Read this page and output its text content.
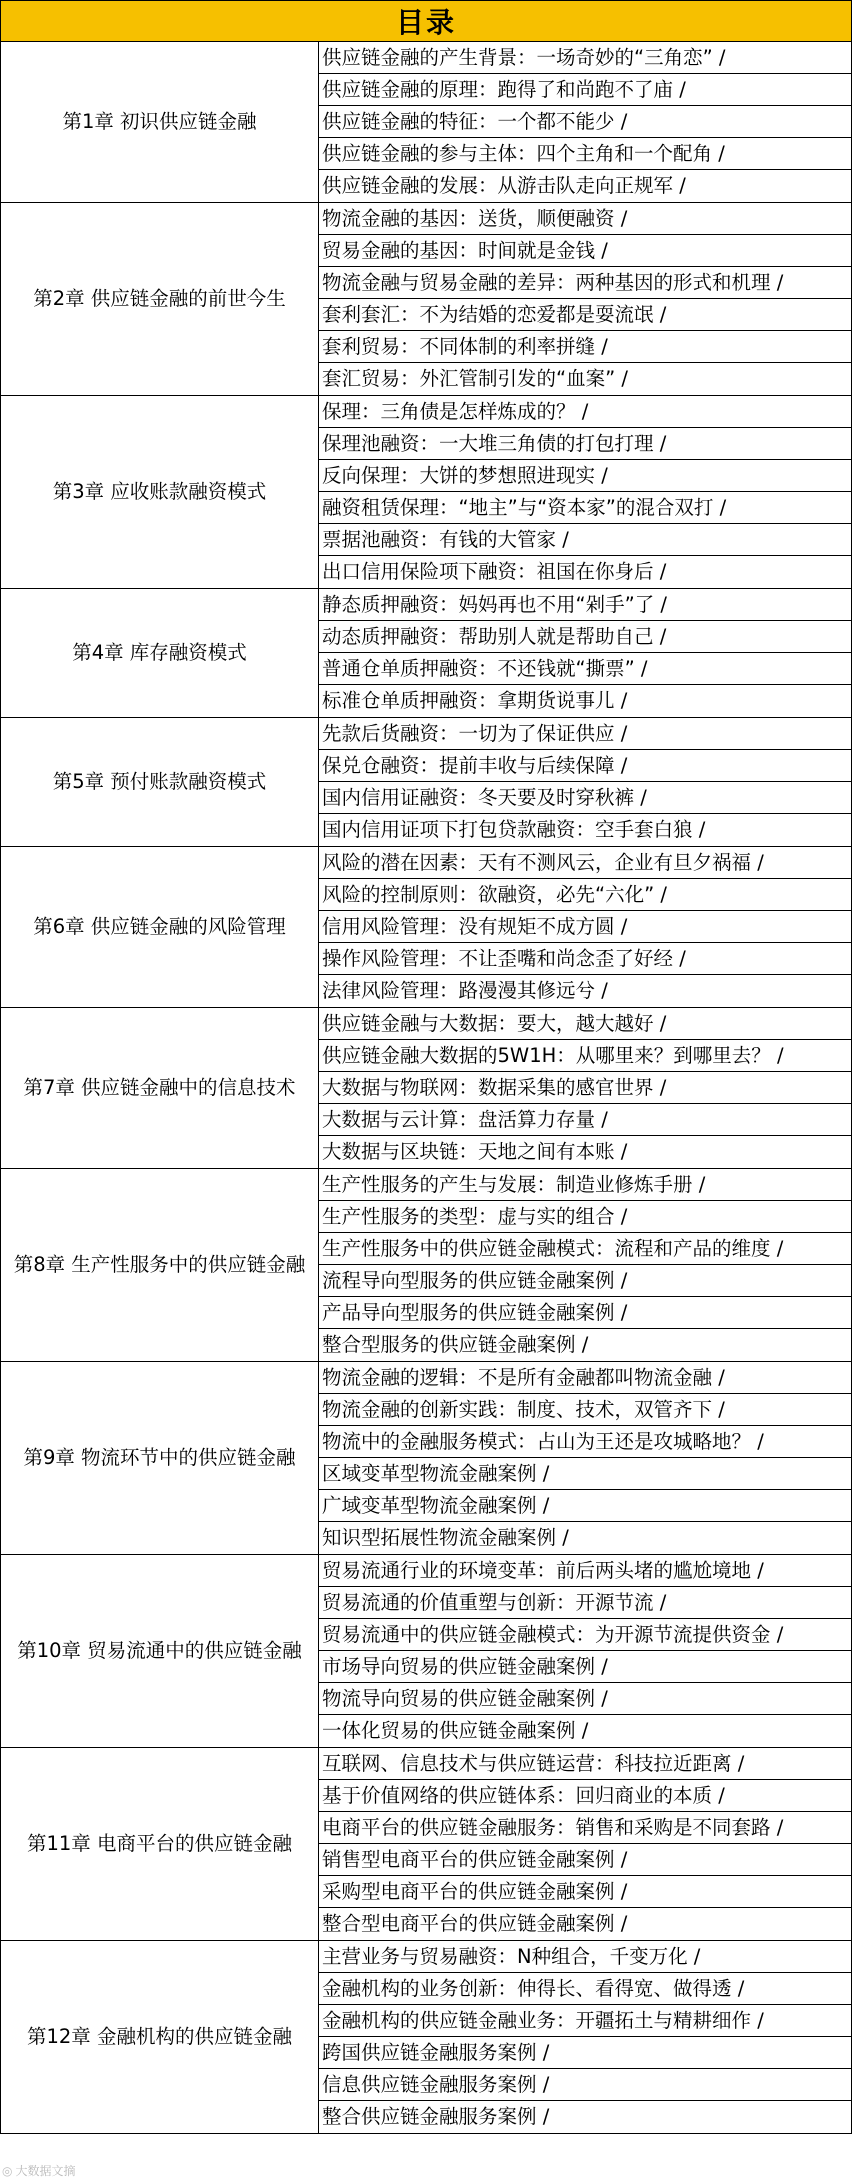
目录
第1章 初识供应链金融
供应链金融的产生背景：一场奇妙的“三角恋” /
供应链金融的原理：跑得了和尚跑不了庙 /
供应链金融的特征：一个都不能少 /
供应链金融的参与主体：四个主角和一个配角 /
供应链金融的发展：从游击队走向正规军 /
第2章 供应链金融的前世今生
物流金融的基因：送货，顺便融资 /
贸易金融的基因：时间就是金钱 /
物流金融与贸易金融的差异：两种基因的形式和机理 /
套利套汇：不为结婚的恋爱都是耍流氓 /
套利贸易：不同体制的利率拼缝 /
套汇贸易：外汇管制引发的“血案” /
第3章 应收账款融资模式
保理：三角债是怎样炼成的？ /
保理池融资：一大堆三角债的打包打理 /
反向保理：大饼的梦想照进现实 /
融资租赁保理：“地主”与“资本家”的混合双打 /
票据池融资：有钱的大管家 /
出口信用保险项下融资：祖国在你身后 /
第4章 库存融资模式
静态质押融资：妈妈再也不用“剁手”了 /
动态质押融资：帮助别人就是帮助自己 /
普通仓单质押融资：不还钱就“撕票” /
标准仓单质押融资：拿期货说事儿 /
第5章 预付账款融资模式
先款后货融资：一切为了保证供应 /
保兑仓融资：提前丰收与后续保障 /
国内信用证融资：冬天要及时穿秋裤 /
国内信用证项下打包贷款融资：空手套白狼 /
第6章 供应链金融的风险管理
风险的潜在因素：天有不测风云，企业有旦夕祸福 /
风险的控制原则：欲融资，必先“六化” /
信用风险管理：没有规矩不成方圆 /
操作风险管理：不让歪嘴和尚念歪了好经 /
法律风险管理：路漫漫其修远兮 /
第7章 供应链金融中的信息技术
供应链金融与大数据：要大，越大越好 /
供应链金融大数据的5W1H：从哪里来？到哪里去？ /
大数据与物联网：数据采集的感官世界 /
大数据与云计算：盘活算力存量 /
大数据与区块链：天地之间有本账 /
第8章 生产性服务中的供应链金融
生产性服务的产生与发展：制造业修炼手册 /
生产性服务的类型：虚与实的组合 /
生产性服务中的供应链金融模式：流程和产品的维度 /
流程导向型服务的供应链金融案例 /
产品导向型服务的供应链金融案例 /
整合型服务的供应链金融案例 /
第9章 物流环节中的供应链金融
物流金融的逻辑：不是所有金融都叫物流金融 /
物流金融的创新实践：制度、技术，双管齐下 /
物流中的金融服务模式：占山为王还是攻城略地？ /
区域变革型物流金融案例 /
广域变革型物流金融案例 /
知识型拓展性物流金融案例 /
第10章 贸易流通中的供应链金融
贸易流通行业的环境变革：前后两头堵的尴尬境地 /
贸易流通的价值重塑与创新：开源节流 /
贸易流通中的供应链金融模式：为开源节流提供资金 /
市场导向贸易的供应链金融案例 /
物流导向贸易的供应链金融案例 /
一体化贸易的供应链金融案例 /
第11章 电商平台的供应链金融
互联网、信息技术与供应链运营：科技拉近距离 /
基于价值网络的供应链体系：回归商业的本质 /
电商平台的供应链金融服务：销售和采购是不同套路 /
销售型电商平台的供应链金融案例 /
采购型电商平台的供应链金融案例 /
整合型电商平台的供应链金融案例 /
第12章 金融机构的供应链金融
主营业务与贸易融资：N种组合，千变万化 /
金融机构的业务创新：伸得长、看得宽、做得透 /
金融机构的供应链金融业务：开疆拓土与精耕细作 /
跨国供应链金融服务案例 /
信息供应链金融服务案例 /
整合供应链金融服务案例 /
◎ 大数据文摘
